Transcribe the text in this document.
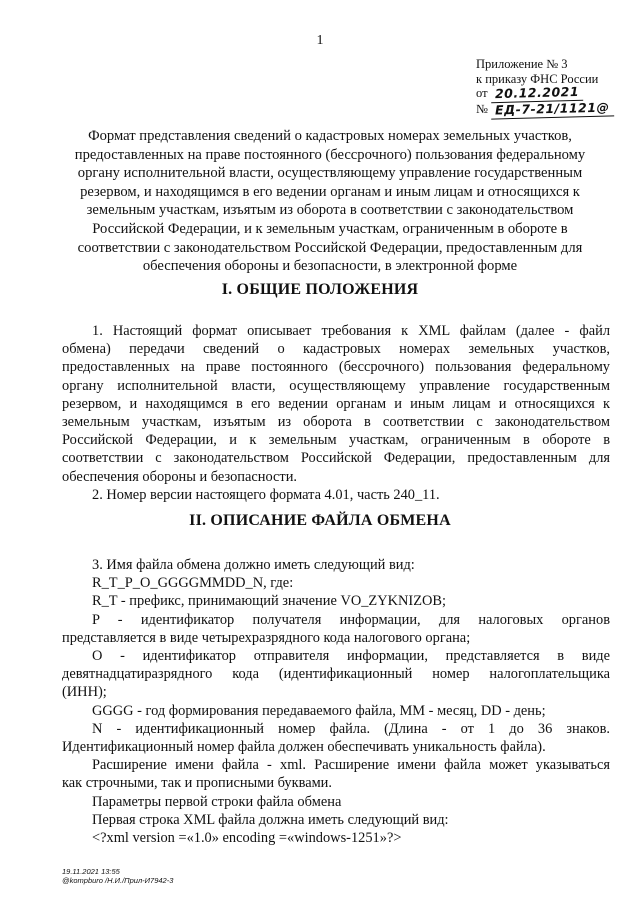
1
Приложение № 3
к приказу ФНС России
от 20.12.2021
№ ЕД-7-21/1121@
Формат представления сведений о кадастровых номерах земельных участков,
предоставленных на праве постоянного (бессрочного) пользования федеральному
органу исполнительной власти, осуществляющему управление государственным
резервом, и находящимся в его ведении органам и иным лицам и относящихся к
земельным участкам, изъятым из оборота в соответствии с законодательством
Российской Федерации, и к земельным участкам, ограниченным в обороте в
соответствии с законодательством Российской Федерации, предоставленным для
обеспечения обороны и безопасности, в электронной форме
I. ОБЩИЕ ПОЛОЖЕНИЯ

1. Настоящий формат описывает требования к XML файлам (далее - файл

обмена) передачи сведений о кадастровых номерах земельных участков,

предоставленных на праве постоянного (бессрочного) пользования федеральному

органу исполнительной власти, осуществляющему управление государственным

резервом, и находящимся в его ведении органам и иным лицам и относящихся к

земельным участкам, изъятым из оборота в соответствии с законодательством

Российской Федерации, и к земельным участкам, ограниченным в обороте в

соответствии с законодательством Российской Федерации, предоставленным для

обеспечения обороны и безопасности.

2. Номер версии настоящего формата 4.01, часть 240_11.

II. ОПИСАНИЕ ФАЙЛА ОБМЕНА

3. Имя файла обмена должно иметь следующий вид:

R_T_P_O_GGGGMMDD_N, где:

R_T - префикс, принимающий значение VO_ZYKNIZOB;

P - идентификатор получателя информации, для налоговых органов

представляется в виде четырехразрядного кода налогового органа;

O - идентификатор отправителя информации, представляется в виде

девятнадцатиразрядного кода (идентификационный номер налогоплательщика

(ИНН);

GGGG - год формирования передаваемого файла, MM - месяц, DD - день;

N - идентификационный номер файла. (Длина - от 1 до 36 знаков.

Идентификационный номер файла должен обеспечивать уникальность файла).

Расширение имени файла - xml. Расширение имени файла может указываться

как строчными, так и прописными буквами.

Параметры первой строки файла обмена

Первая строка XML файла должна иметь следующий вид:

<?xml version =«1.0» encoding =«windows-1251»?>

19.11.2021 13:55
@kompburo /Н.И./Прил-И7942-3
